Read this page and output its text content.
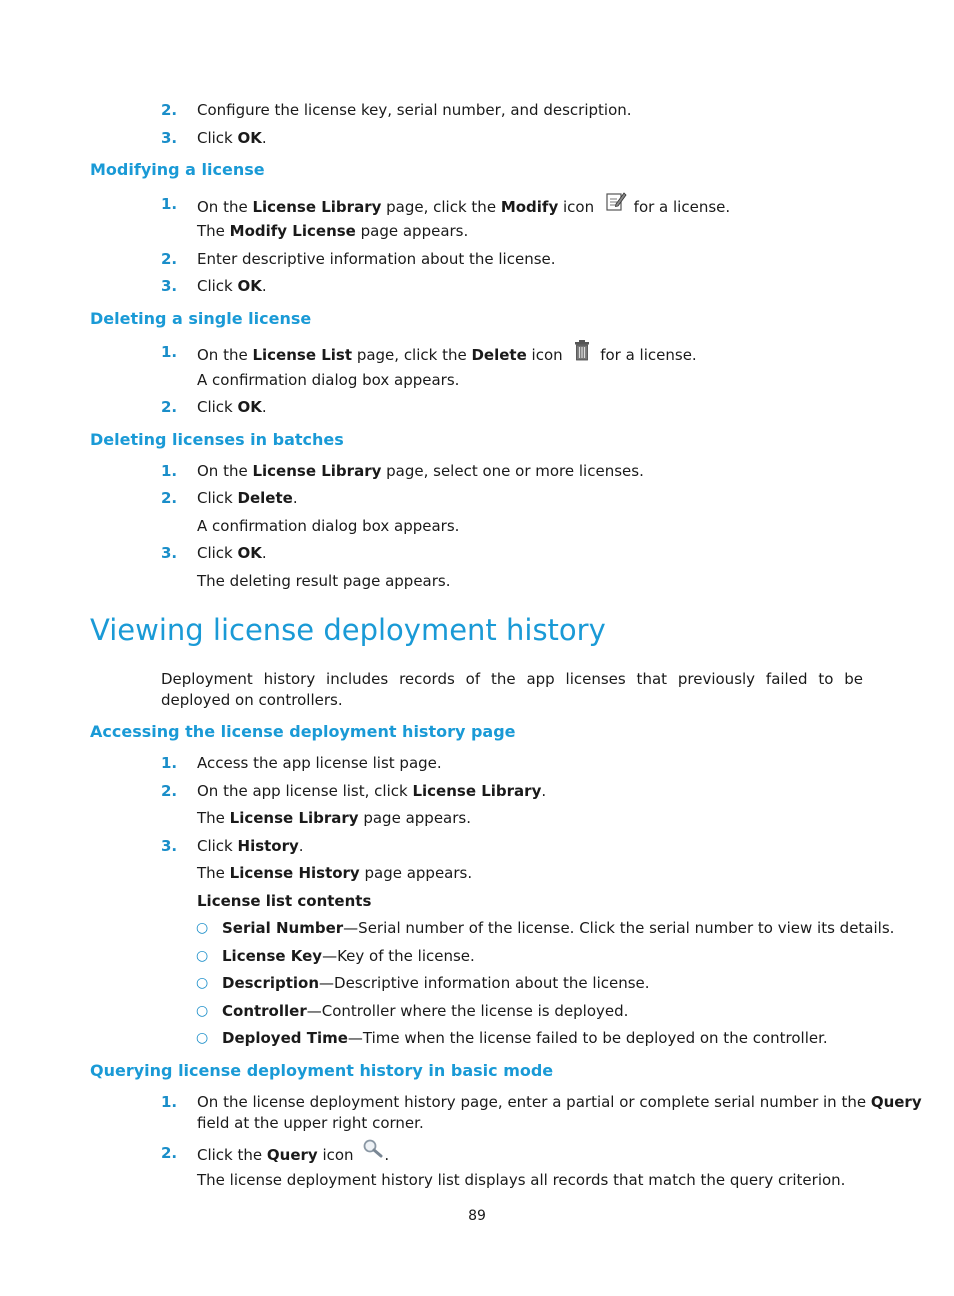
2. Configure the license key, serial number, and description.
3. Click OK.
Modifying a license
1. On the License Library page, click the Modify icon  for a license.
The Modify License page appears.
2. Enter descriptive information about the license.
3. Click OK.
Deleting a single license
1. On the License List page, click the Delete icon  for a license.
A confirmation dialog box appears.
2. Click OK.
Deleting licenses in batches
1. On the License Library page, select one or more licenses.
2. Click Delete.
A confirmation dialog box appears.
3. Click OK.
The deleting result page appears.
Viewing license deployment history
Deployment history includes records of the app licenses that previously failed to be deployed on controllers.
Accessing the license deployment history page
1. Access the app license list page.
2. On the app license list, click License Library.
The License Library page appears.
3. Click History.
The License History page appears.
License list contents
○ Serial Number—Serial number of the license. Click the serial number to view its details.
○ License Key—Key of the license.
○ Description—Descriptive information about the license.
○ Controller—Controller where the license is deployed.
○ Deployed Time—Time when the license failed to be deployed on the controller.
Querying license deployment history in basic mode
1. On the license deployment history page, enter a partial or complete serial number in the Query
field at the upper right corner.
2. Click the Query icon .
The license deployment history list displays all records that match the query criterion.
89
